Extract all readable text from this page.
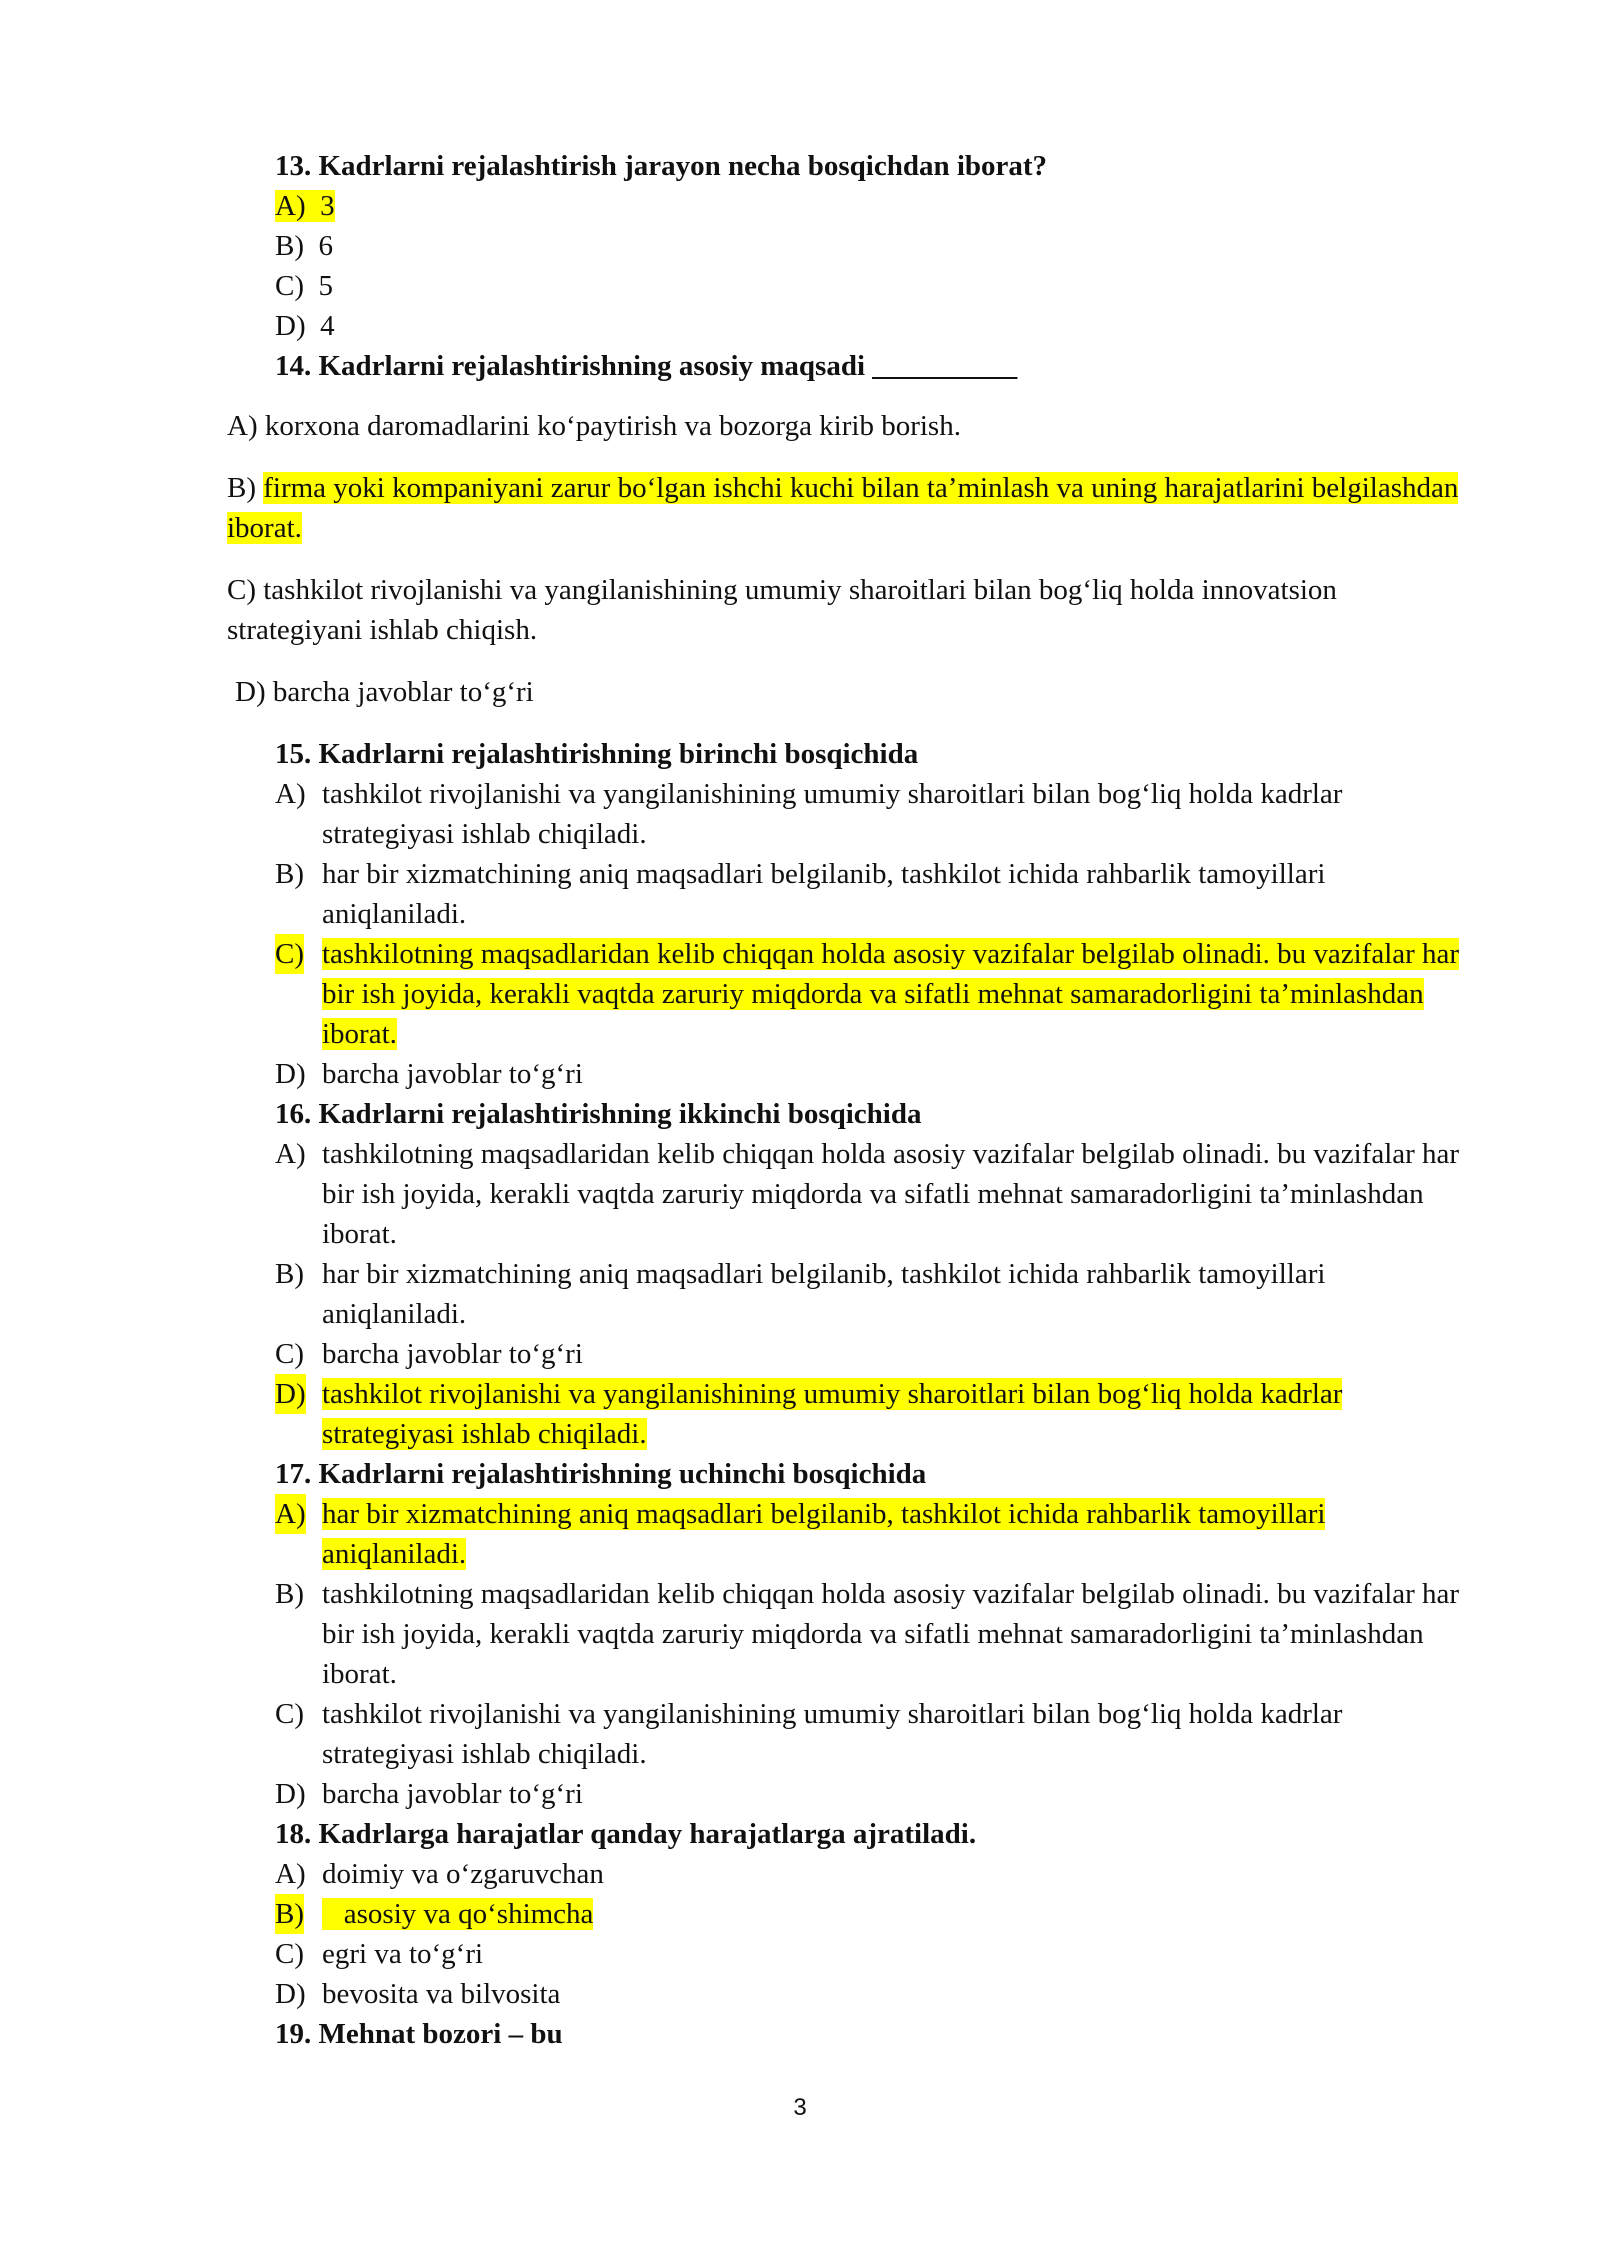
13. Kadrlarni rejalashtirish jarayon necha bosqichdan iborat?
A) 3
B) 6
C) 5
D) 4
14. Kadrlarni rejalashtirishning asosiy maqsadi __________
A) korxona daromadlarini ko‘paytirish va bozorga kirib borish.
B) firma yoki kompaniyani zarur bo‘lgan ishchi kuchi bilan ta’minlash va uning harajatlarini belgilashdan iborat.
C) tashkilot rivojlanishi va yangilanishining umumiy sharoitlari bilan bog‘liq holda innovatsion strategiyani ishlab chiqish.
D) barcha javoblar to‘g‘ri
15. Kadrlarni rejalashtirishning birinchi bosqichida
A) tashkilot rivojlanishi va yangilanishining umumiy sharoitlari bilan bog‘liq holda kadrlar strategiyasi ishlab chiqiladi.
B) har bir xizmatchining aniq maqsadlari belgilanib, tashkilot ichida rahbarlik tamoyillari aniqlaniladi.
C) tashkilotning maqsadlaridan kelib chiqqan holda asosiy vazifalar belgilab olinadi. bu vazifalar har bir ish joyida, kerakli vaqtda zaruriy miqdorda va sifatli mehnat samaradorligini ta’minlashdan iborat.
D) barcha javoblar to‘g‘ri
16. Kadrlarni rejalashtirishning ikkinchi bosqichida
A) tashkilotning maqsadlaridan kelib chiqqan holda asosiy vazifalar belgilab olinadi. bu vazifalar har bir ish joyida, kerakli vaqtda zaruriy miqdorda va sifatli mehnat samaradorligini ta’minlashdan iborat.
B) har bir xizmatchining aniq maqsadlari belgilanib, tashkilot ichida rahbarlik tamoyillari aniqlaniladi.
C) barcha javoblar to‘g‘ri
D) tashkilot rivojlanishi va yangilanishining umumiy sharoitlari bilan bog‘liq holda kadrlar strategiyasi ishlab chiqiladi.
17. Kadrlarni rejalashtirishning uchinchi bosqichida
A) har bir xizmatchining aniq maqsadlari belgilanib, tashkilot ichida rahbarlik tamoyillari aniqlaniladi.
B) tashkilotning maqsadlaridan kelib chiqqan holda asosiy vazifalar belgilab olinadi. bu vazifalar har bir ish joyida, kerakli vaqtda zaruriy miqdorda va sifatli mehnat samaradorligini ta’minlashdan iborat.
C) tashkilot rivojlanishi va yangilanishining umumiy sharoitlari bilan bog‘liq holda kadrlar strategiyasi ishlab chiqiladi.
D) barcha javoblar to‘g‘ri
18. Kadrlarga harajatlar qanday harajatlarga ajratiladi.
A) doimiy va o‘zgaruvchan
B) asosiy va qo‘shimcha
C) egri va to‘g‘ri
D) bevosita va bilvosita
19. Mehnat bozori – bu
3
